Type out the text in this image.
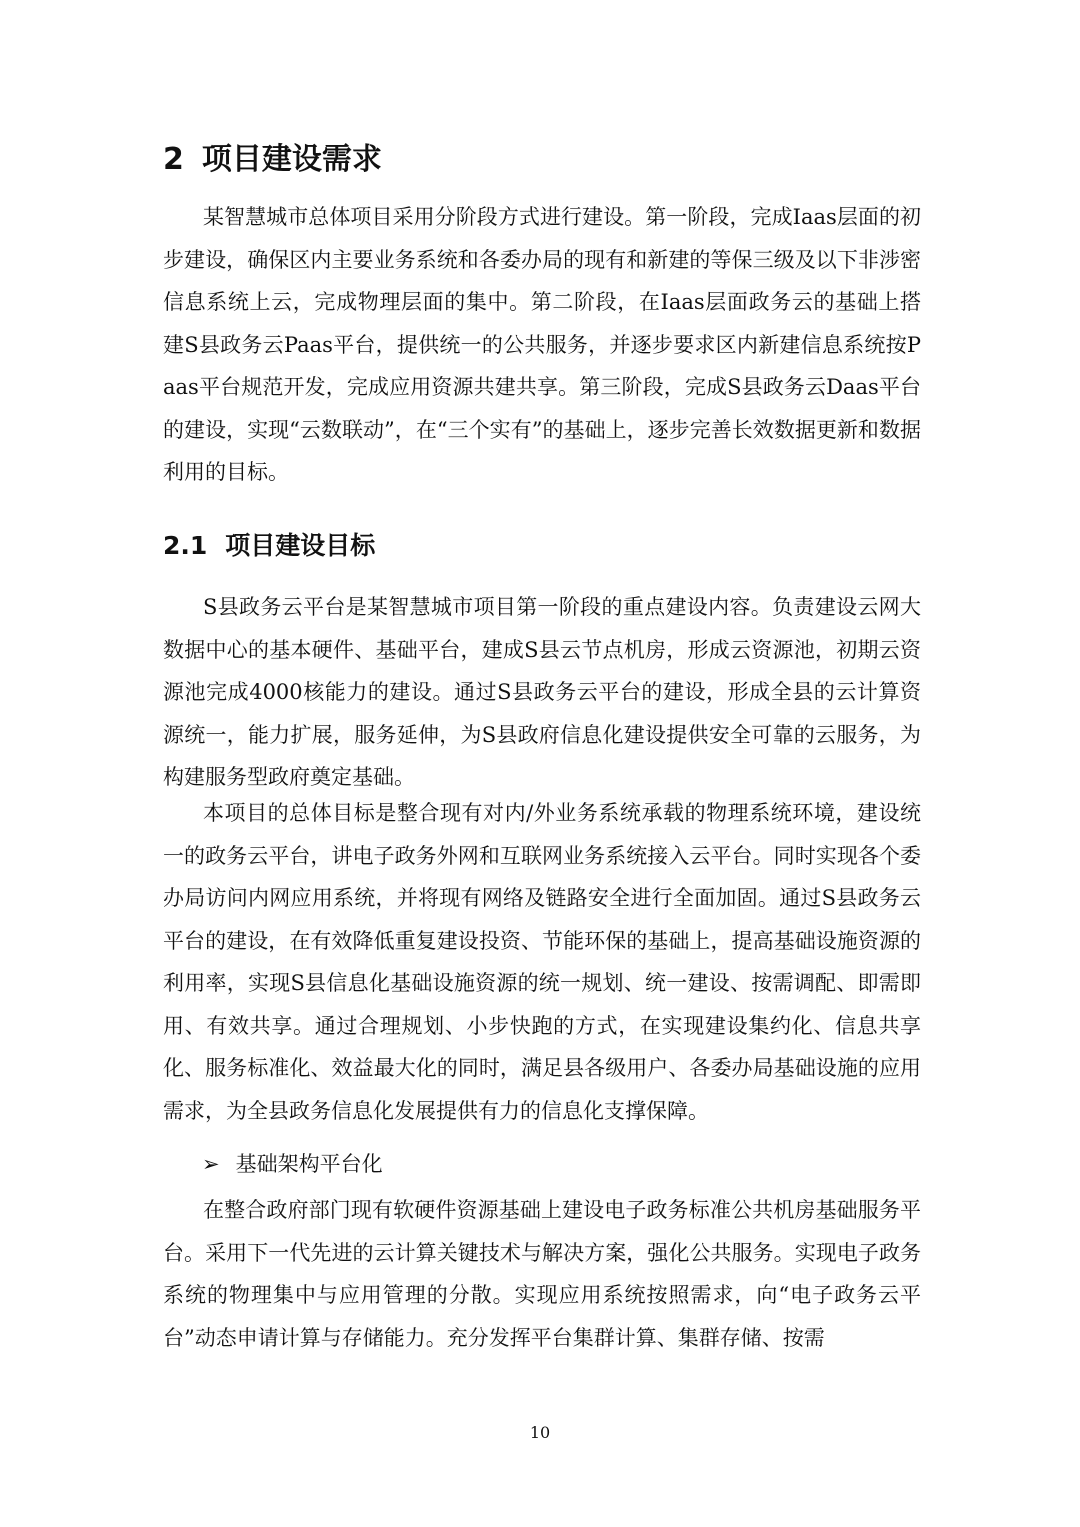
2 项目建设需求

某智慧城市总体项目采用分阶段方式进行建设。第一阶段，完成Iaas层面的初步建设，确保区内主要业务系统和各委办局的现有和新建的等保三级及以下非涉密信息系统上云，完成物理层面的集中。第二阶段，在Iaas层面政务云的基础上搭建S县政务云Paas平台，提供统一的公共服务，并逐步要求区内新建信息系统按Paas平台规范开发，完成应用资源共建共享。第三阶段，完成S县政务云Daas平台的建设，实现“云数联动”，在“三个实有”的基础上，逐步完善长效数据更新和数据利用的目标。

2.1 项目建设目标

S县政务云平台是某智慧城市项目第一阶段的重点建设内容。负责建设云网大数据中心的基本硬件、基础平台，建成S县云节点机房，形成云资源池，初期云资源池完成4000核能力的建设。通过S县政务云平台的建设，形成全县的云计算资源统一，能力扩展，服务延伸，为S县政府信息化建设提供安全可靠的云服务，为构建服务型政府奠定基础。

本项目的总体目标是整合现有对内/外业务系统承载的物理系统环境，建设统一的政务云平台，讲电子政务外网和互联网业务系统接入云平台。同时实现各个委办局访问内网应用系统，并将现有网络及链路安全进行全面加固。通过S县政务云平台的建设，在有效降低重复建设投资、节能环保的基础上，提高基础设施资源的利用率，实现S县信息化基础设施资源的统一规划、统一建设、按需调配、即需即用、有效共享。通过合理规划、小步快跑的方式，在实现建设集约化、信息共享化、服务标准化、效益最大化的同时，满足县各级用户、各委办局基础设施的应用需求，为全县政务信息化发展提供有力的信息化支撑保障。

➢ 基础架构平台化

在整合政府部门现有软硬件资源基础上建设电子政务标准公共机房基础服务平台。采用下一代先进的云计算关键技术与解决方案，强化公共服务。实现电子政务系统的物理集中与应用管理的分散。实现应用系统按照需求，向“电子政务云平台”动态申请计算与存储能力。充分发挥平台集群计算、集群存储、按需

10
